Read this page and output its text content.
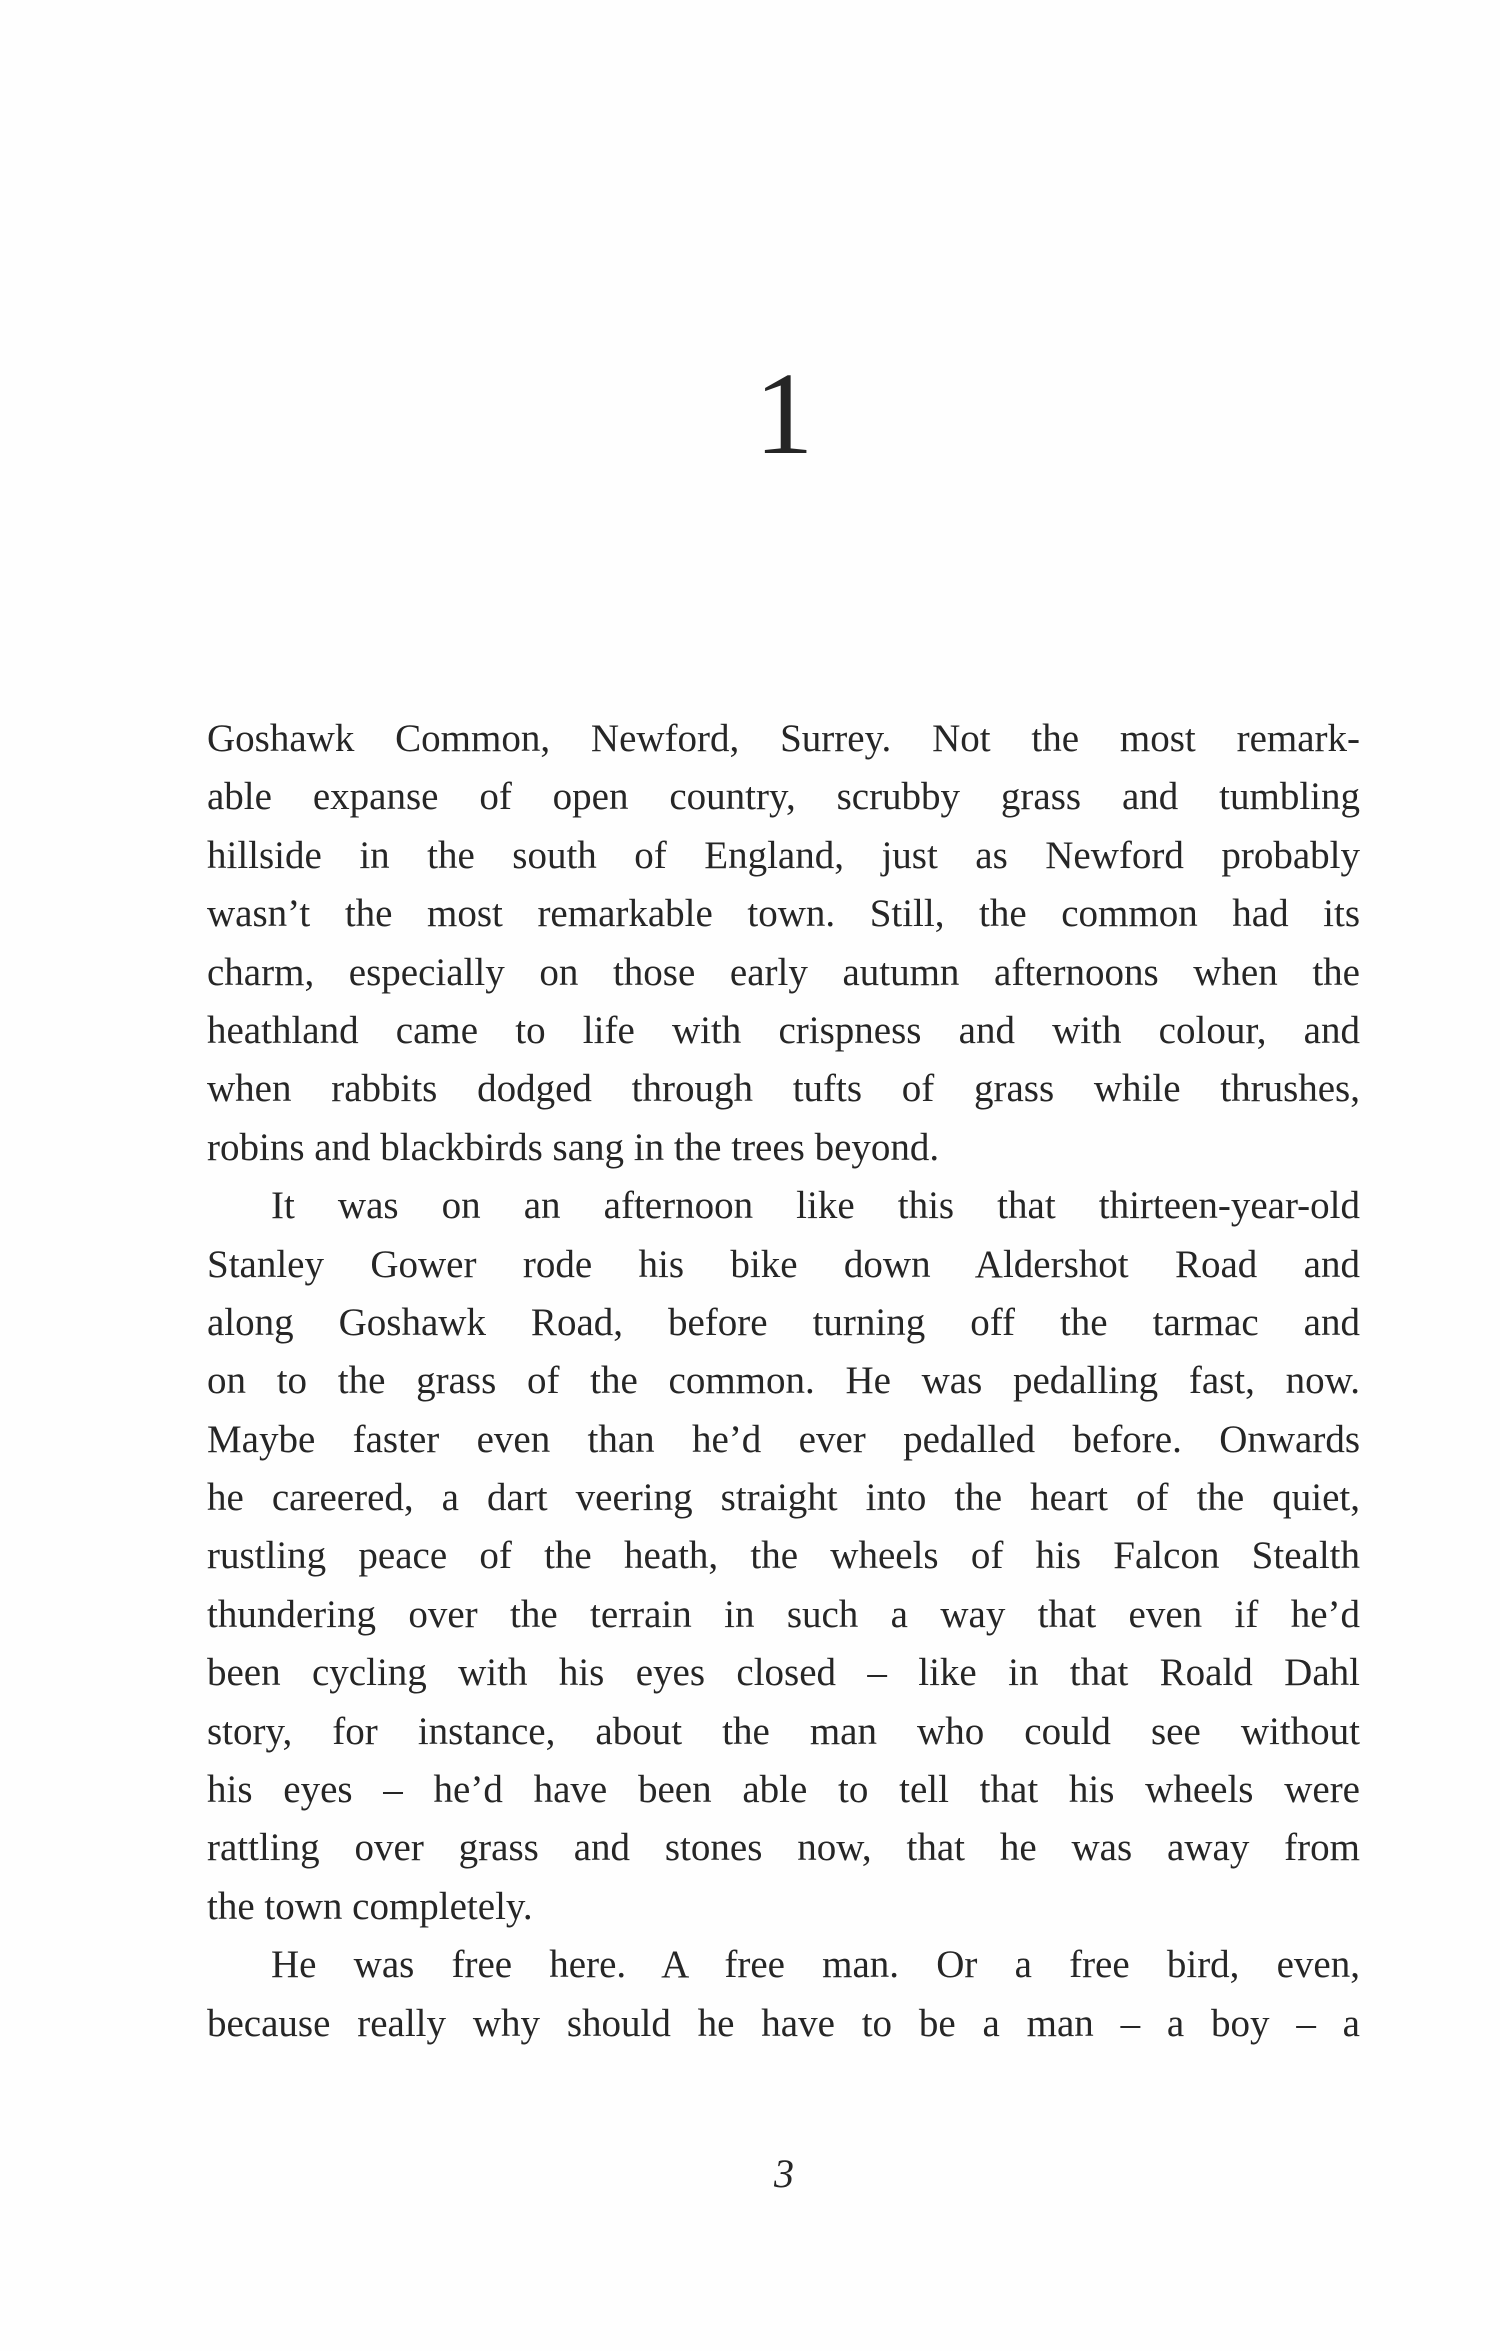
1
Goshawk Common, Newford, Surrey. Not the most remark-
able expanse of open country, scrubby grass and tumbling
hillside in the south of England, just as Newford probably
wasn’t the most remarkable town. Still, the common had its
charm, especially on those early autumn afternoons when the
heathland came to life with crispness and with colour, and
when rabbits dodged through tufts of grass while thrushes,
robins and blackbirds sang in the trees beyond.
It was on an afternoon like this that thirteen-year-old
Stanley Gower rode his bike down Aldershot Road and
along Goshawk Road, before turning off the tarmac and
on to the grass of the common. He was pedalling fast, now.
Maybe faster even than he’d ever pedalled before. Onwards
he careered, a dart veering straight into the heart of the quiet,
rustling peace of the heath, the wheels of his Falcon Stealth
thundering over the terrain in such a way that even if he’d
been cycling with his eyes closed – like in that Roald Dahl
story, for instance, about the man who could see without
his eyes – he’d have been able to tell that his wheels were
rattling over grass and stones now, that he was away from
the town completely.
He was free here. A free man. Or a free bird, even,
because really why should he have to be a man – a boy – a
3
